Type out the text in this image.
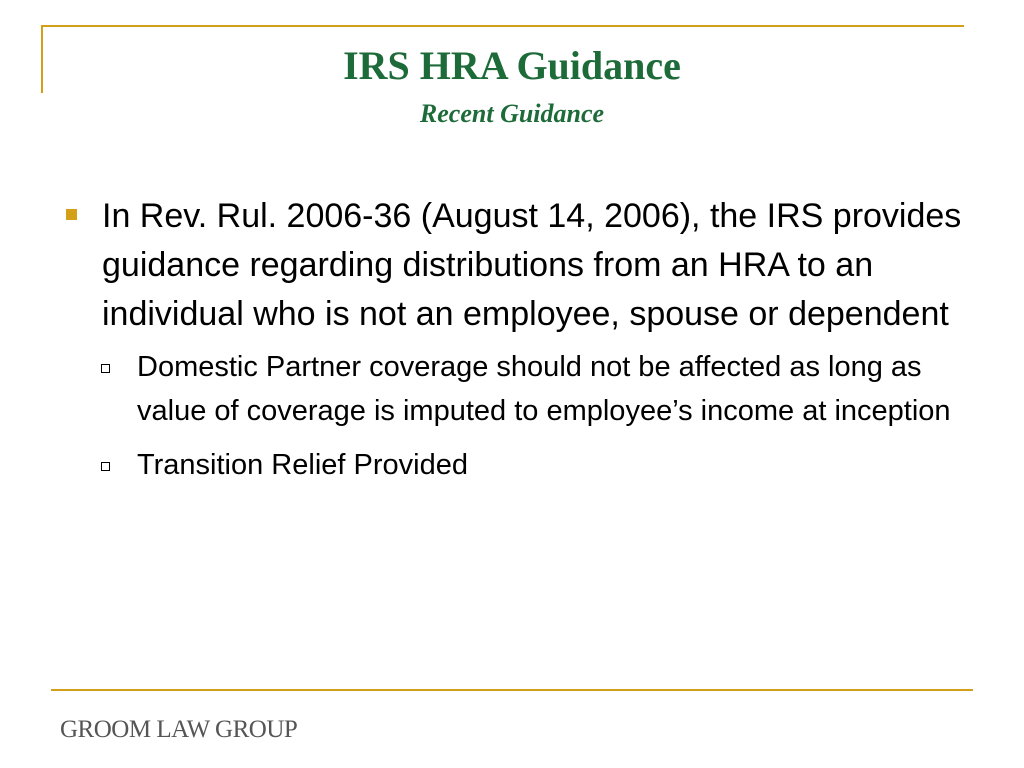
IRS HRA Guidance
Recent Guidance
In Rev. Rul. 2006-36 (August 14, 2006), the IRS provides guidance regarding distributions from an HRA to an individual who is not an employee, spouse or dependent
Domestic Partner coverage should not be affected as long as value of coverage is imputed to employee’s income at inception
Transition Relief Provided
GROOM LAW GROUP
